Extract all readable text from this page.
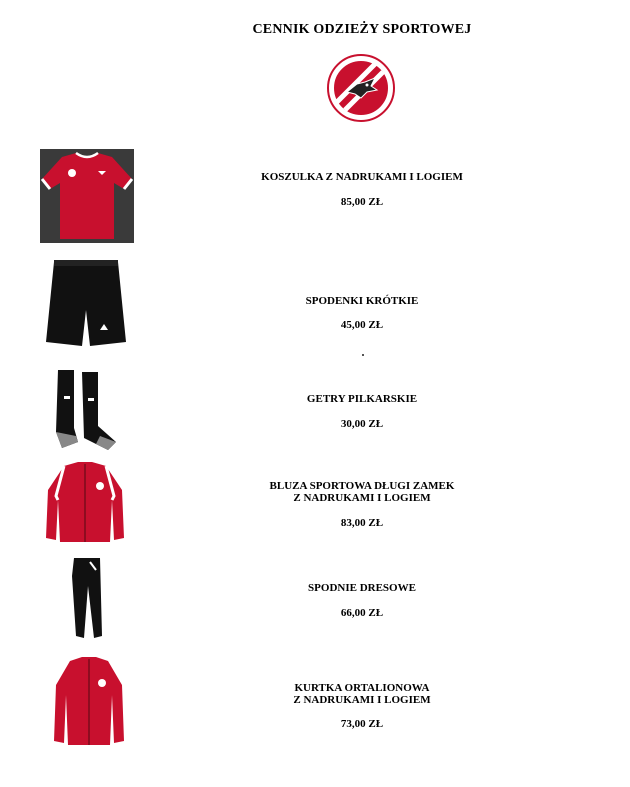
CENNIK ODZIEŻY SPORTOWEJ
KOSZULKA Z NADRUKAMI I LOGIEM
85,00 ZŁ
SPODENKI KRÓTKIE
45,00 ZŁ
GETRY PILKARSKIE
30,00 ZŁ
BLUZA SPORTOWA DŁUGI ZAMEK
Z NADRUKAMI I LOGIEM
83,00 ZŁ
SPODNIE DRESOWE
66,00 ZŁ
KURTKA ORTALIONOWA
Z NADRUKAMI I LOGIEM
73,00 ZŁ
